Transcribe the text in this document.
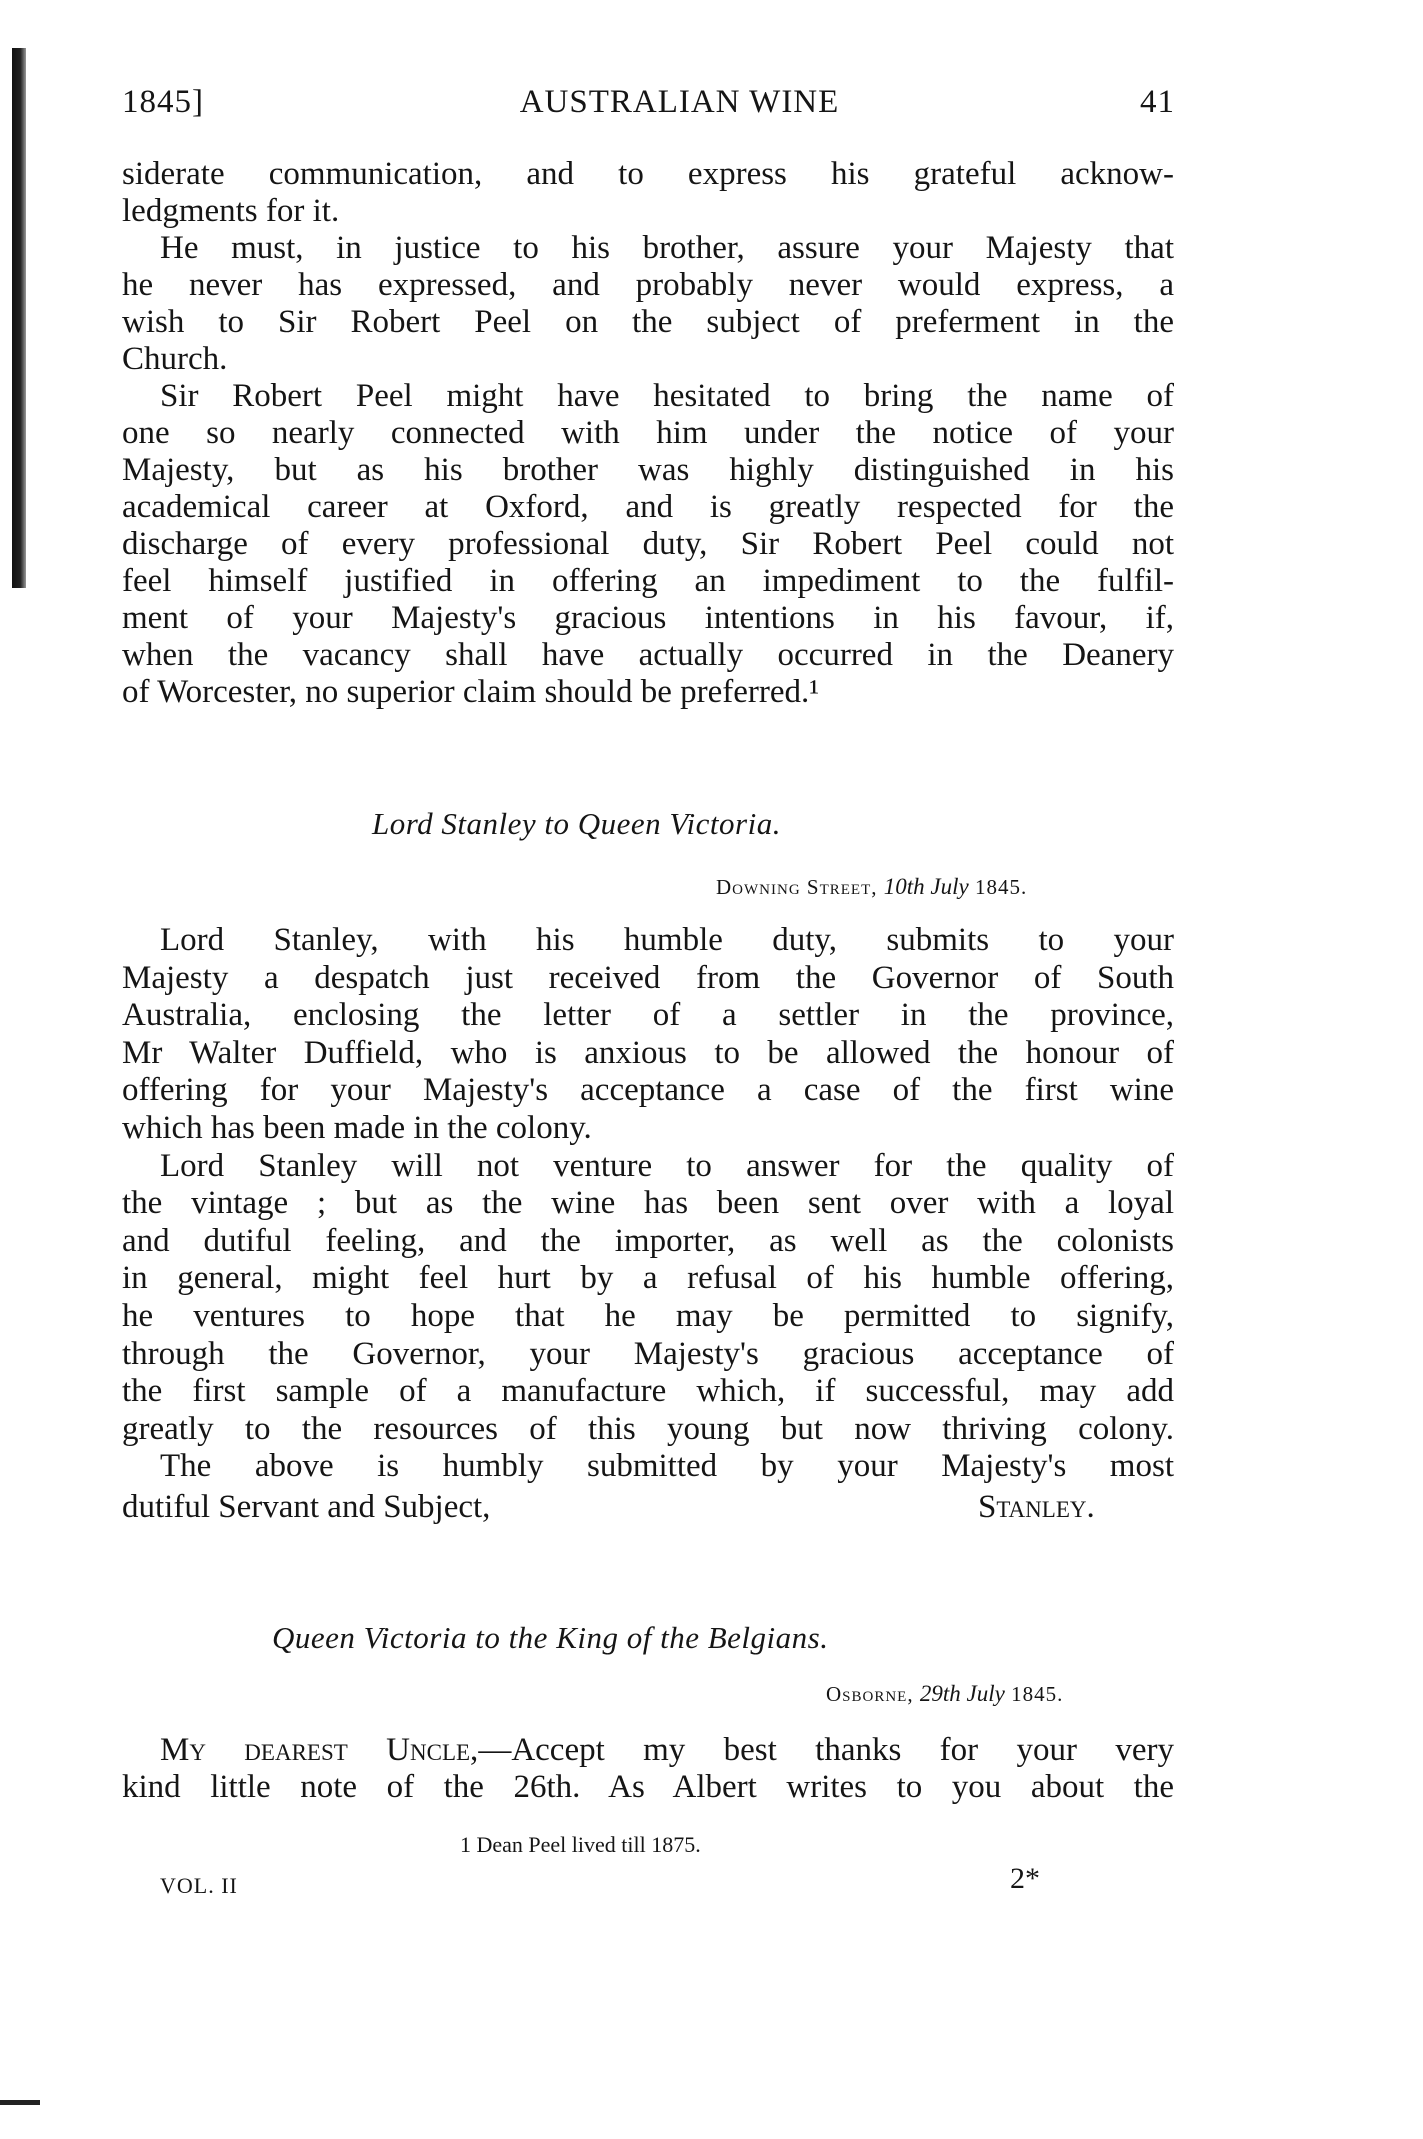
1845]	AUSTRALIAN WINE	41
siderate communication, and to express his grateful acknow-
ledgments for it.
He must, in justice to his brother, assure your Majesty that
he never has expressed, and probably never would express, a
wish to Sir Robert Peel on the subject of preferment in the
Church.
Sir Robert Peel might have hesitated to bring the name of
one so nearly connected with him under the notice of your
Majesty, but as his brother was highly distinguished in his
academical career at Oxford, and is greatly respected for the
discharge of every professional duty, Sir Robert Peel could not
feel himself justified in offering an impediment to the fulfil-
ment of your Majesty's gracious intentions in his favour, if,
when the vacancy shall have actually occurred in the Deanery
of Worcester, no superior claim should be preferred.¹
Lord Stanley to Queen Victoria.
Downing Street, 10th July 1845.
Lord Stanley, with his humble duty, submits to your
Majesty a despatch just received from the Governor of South
Australia, enclosing the letter of a settler in the province,
Mr Walter Duffield, who is anxious to be allowed the honour of
offering for your Majesty's acceptance a case of the first wine
which has been made in the colony.
Lord Stanley will not venture to answer for the quality of
the vintage ; but as the wine has been sent over with a loyal
and dutiful feeling, and the importer, as well as the colonists
in general, might feel hurt by a refusal of his humble offering,
he ventures to hope that he may be permitted to signify,
through the Governor, your Majesty's gracious acceptance of
the first sample of a manufacture which, if successful, may add
greatly to the resources of this young but now thriving colony.
The above is humbly submitted by your Majesty's most
dutiful Servant and Subject,	Stanley.
Queen Victoria to the King of the Belgians.
Osborne, 29th July 1845.
My dearest Uncle,—Accept my best thanks for your very
kind little note of the 26th. As Albert writes to you about the
1 Dean Peel lived till 1875.
VOL. II	2*
